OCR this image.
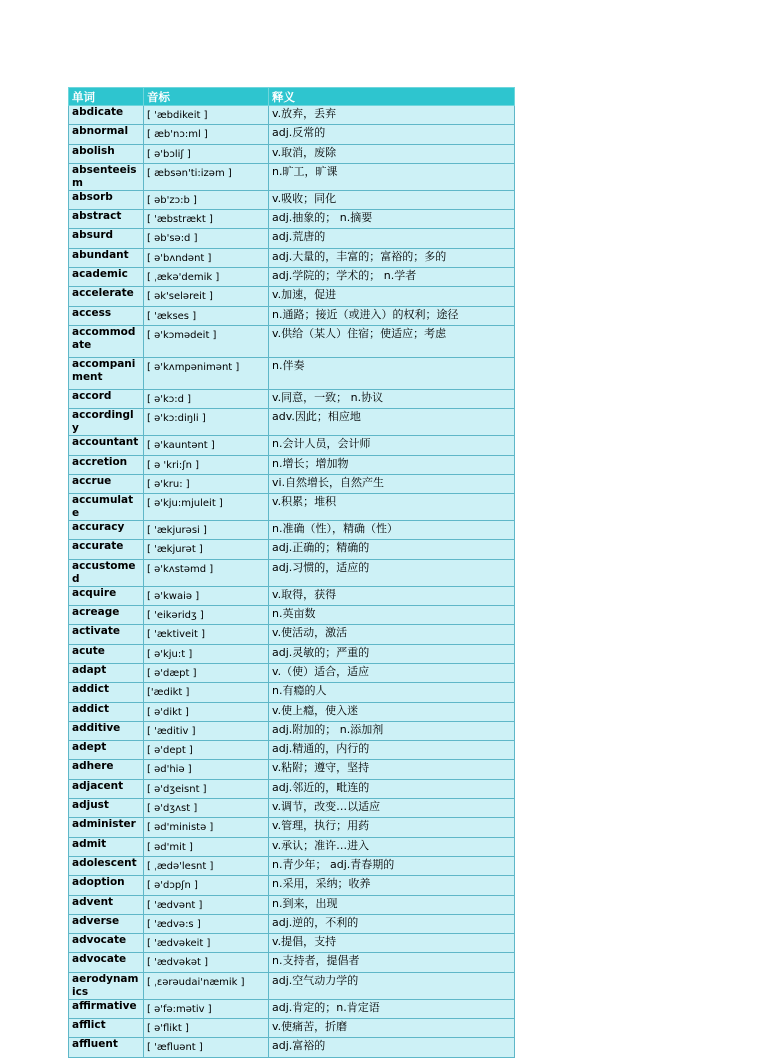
单词	音标	释义
abdicate	[ 'æbdikeit ]	v.放弃，丢弃
abnormal	[ æb'nɔ:ml ]	adj.反常的
abolish	[ ə'bɔliʃ ]	v.取消，废除
absenteeism	[ æbsən'ti:izəm ]	n.旷工，旷课
absorb	[ əb'zɔ:b ]	v.吸收；同化
abstract	[ 'æbstrækt ]	adj.抽象的； n.摘要
absurd	[ əb'sə:d ]	adj.荒唐的
abundant	[ ə'bʌndənt ]	adj.大量的，丰富的；富裕的；多的
academic	[ ˌækə'demik ]	adj.学院的；学术的； n.学者
accelerate	[ ək'seləreit ]	v.加速，促进
access	[ 'ækses ]	n.通路；接近（或进入）的权利；途径
accommodate	[ ə'kɔmədeit ]	v.供给（某人）住宿；使适应；考虑
accompaniment	[ ə'kʌmpənimənt ]	n.伴奏
accord	[ ə'kɔ:d ]	v.同意，一致； n.协议
accordingly	[ ə'kɔ:diŋli ]	adv.因此；相应地
accountant	[ ə'kauntənt ]	n.会计人员，会计师
accretion	[ ə 'kri:ʃn ]	n.增长；增加物
accrue	[ ə'kru: ]	vi.自然增长，自然产生
accumulate	[ ə'kju:mjuleit ]	v.积累；堆积
accuracy	[ 'ækjurəsi ]	n.准确（性），精确（性）
accurate	[ 'ækjurət ]	adj.正确的；精确的
accustomed	[ ə'kʌstəmd ]	adj.习惯的，适应的
acquire	[ ə'kwaiə ]	v.取得，获得
acreage	[ 'eikəridʒ ]	n.英亩数
activate	[ 'æktiveit ]	v.使活动，激活
acute	[ ə'kju:t ]	adj.灵敏的；严重的
adapt	[ ə'dæpt ]	v.（使）适合，适应
addict	['ædikt ]	n.有瘾的人
addict	[ ə'dikt ]	v.使上瘾，使入迷
additive	[ 'æditiv ]	adj.附加的； n.添加剂
adept	[ ə'dept ]	adj.精通的，内行的
adhere	[ əd'hiə ]	v.粘附；遵守，坚持
adjacent	[ ə'dʒeisnt ]	adj.邻近的，毗连的
adjust	[ ə'dʒʌst ]	v.调节，改变…以适应
administer	[ əd'ministə ]	v.管理，执行；用药
admit	[ əd'mit ]	v.承认；准许…进入
adolescent	[ ˌædə'lesnt ]	n.青少年； adj.青春期的
adoption	[ ə'dɔpʃn ]	n.采用，采纳；收养
advent	[ 'ædvənt ]	n.到来，出现
adverse	[ 'ædvə:s ]	adj.逆的，不利的
advocate	[ 'ædvəkeit ]	v.提倡，支持
advocate	[ 'ædvəkət ]	n.支持者，提倡者
aerodynamics	[ ˌɛərəudai'næmik ]	adj.空气动力学的
affirmative	[ ə'fə:mətiv ]	adj.肯定的；n.肯定语
afflict	[ ə'flikt ]	v.使痛苦，折磨
affluent	[ 'æfluənt ]	adj.富裕的
